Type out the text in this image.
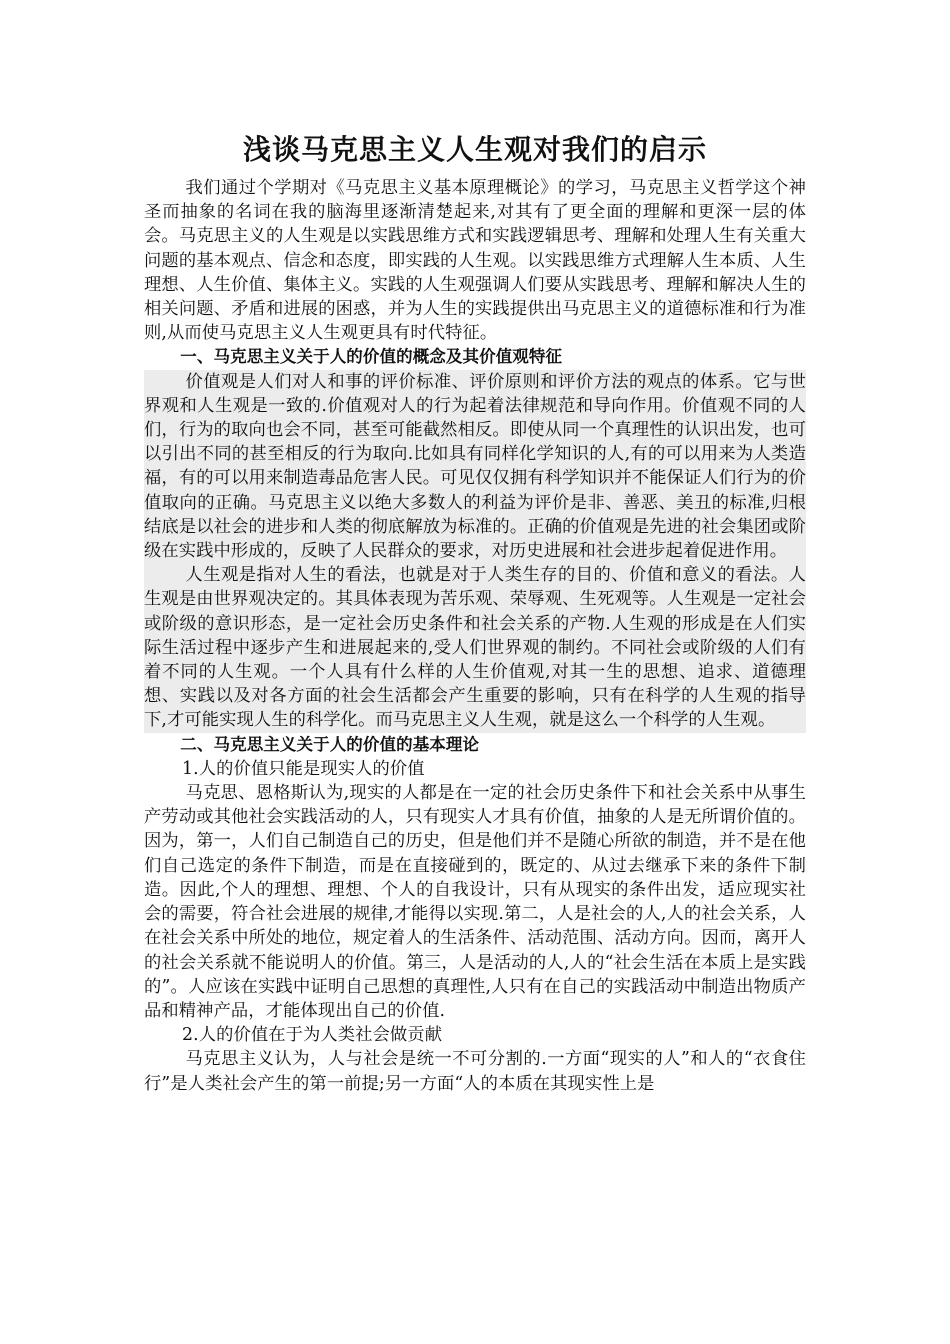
浅谈马克思主义人生观对我们的启示

我们通过个学期对《马克思主义基本原理概论》的学习，马克思主义哲学这个神圣而抽象的名词在我的脑海里逐渐清楚起来,对其有了更全面的理解和更深一层的体会。马克思主义的人生观是以实践思维方式和实践逻辑思考、理解和处理人生有关重大问题的基本观点、信念和态度，即实践的人生观。以实践思维方式理解人生本质、人生理想、人生价值、集体主义。实践的人生观强调人们要从实践思考、理解和解决人生的相关问题、矛盾和进展的困惑，并为人生的实践提供出马克思主义的道德标准和行为准则,从而使马克思主义人生观更具有时代特征。

一、马克思主义关于人的价值的概念及其价值观特征

价值观是人们对人和事的评价标准、评价原则和评价方法的观点的体系。它与世界观和人生观是一致的.价值观对人的行为起着法律规范和导向作用。价值观不同的人们，行为的取向也会不同，甚至可能截然相反。即使从同一个真理性的认识出发，也可以引出不同的甚至相反的行为取向.比如具有同样化学知识的人,有的可以用来为人类造福，有的可以用来制造毒品危害人民。可见仅仅拥有科学知识并不能保证人们行为的价值取向的正确。马克思主义以绝大多数人的利益为评价是非、善恶、美丑的标准,归根结底是以社会的进步和人类的彻底解放为标准的。正确的价值观是先进的社会集团或阶级在实践中形成的，反映了人民群众的要求，对历史进展和社会进步起着促进作用。

人生观是指对人生的看法，也就是对于人类生存的目的、价值和意义的看法。人生观是由世界观决定的。其具体表现为苦乐观、荣辱观、生死观等。人生观是一定社会或阶级的意识形态，是一定社会历史条件和社会关系的产物.人生观的形成是在人们实际生活过程中逐步产生和进展起来的,受人们世界观的制约。不同社会或阶级的人们有着不同的人生观。一个人具有什么样的人生价值观,对其一生的思想、追求、道德理想、实践以及对各方面的社会生活都会产生重要的影响，只有在科学的人生观的指导下,才可能实现人生的科学化。而马克思主义人生观，就是这么一个科学的人生观。

二、马克思主义关于人的价值的基本理论

1.人的价值只能是现实人的价值

马克思、恩格斯认为,现实的人都是在一定的社会历史条件下和社会关系中从事生产劳动或其他社会实践活动的人，只有现实人才具有价值，抽象的人是无所谓价值的。因为，第一，人们自己制造自己的历史，但是他们并不是随心所欲的制造，并不是在他们自己选定的条件下制造，而是在直接碰到的，既定的、从过去继承下来的条件下制造。因此,个人的理想、理想、个人的自我设计，只有从现实的条件出发，适应现实社会的需要，符合社会进展的规律,才能得以实现.第二，人是社会的人,人的社会关系，人在社会关系中所处的地位，规定着人的生活条件、活动范围、活动方向。因而，离开人的社会关系就不能说明人的价值。第三，人是活动的人,人的“社会生活在本质上是实践的”。人应该在实践中证明自己思想的真理性,人只有在自己的实践活动中制造出物质产品和精神产品，才能体现出自己的价值.

2.人的价值在于为人类社会做贡献

马克思主义认为，人与社会是统一不可分割的.一方面“现实的人”和人的“衣食住行”是人类社会产生的第一前提;另一方面“人的本质在其现实性上是
